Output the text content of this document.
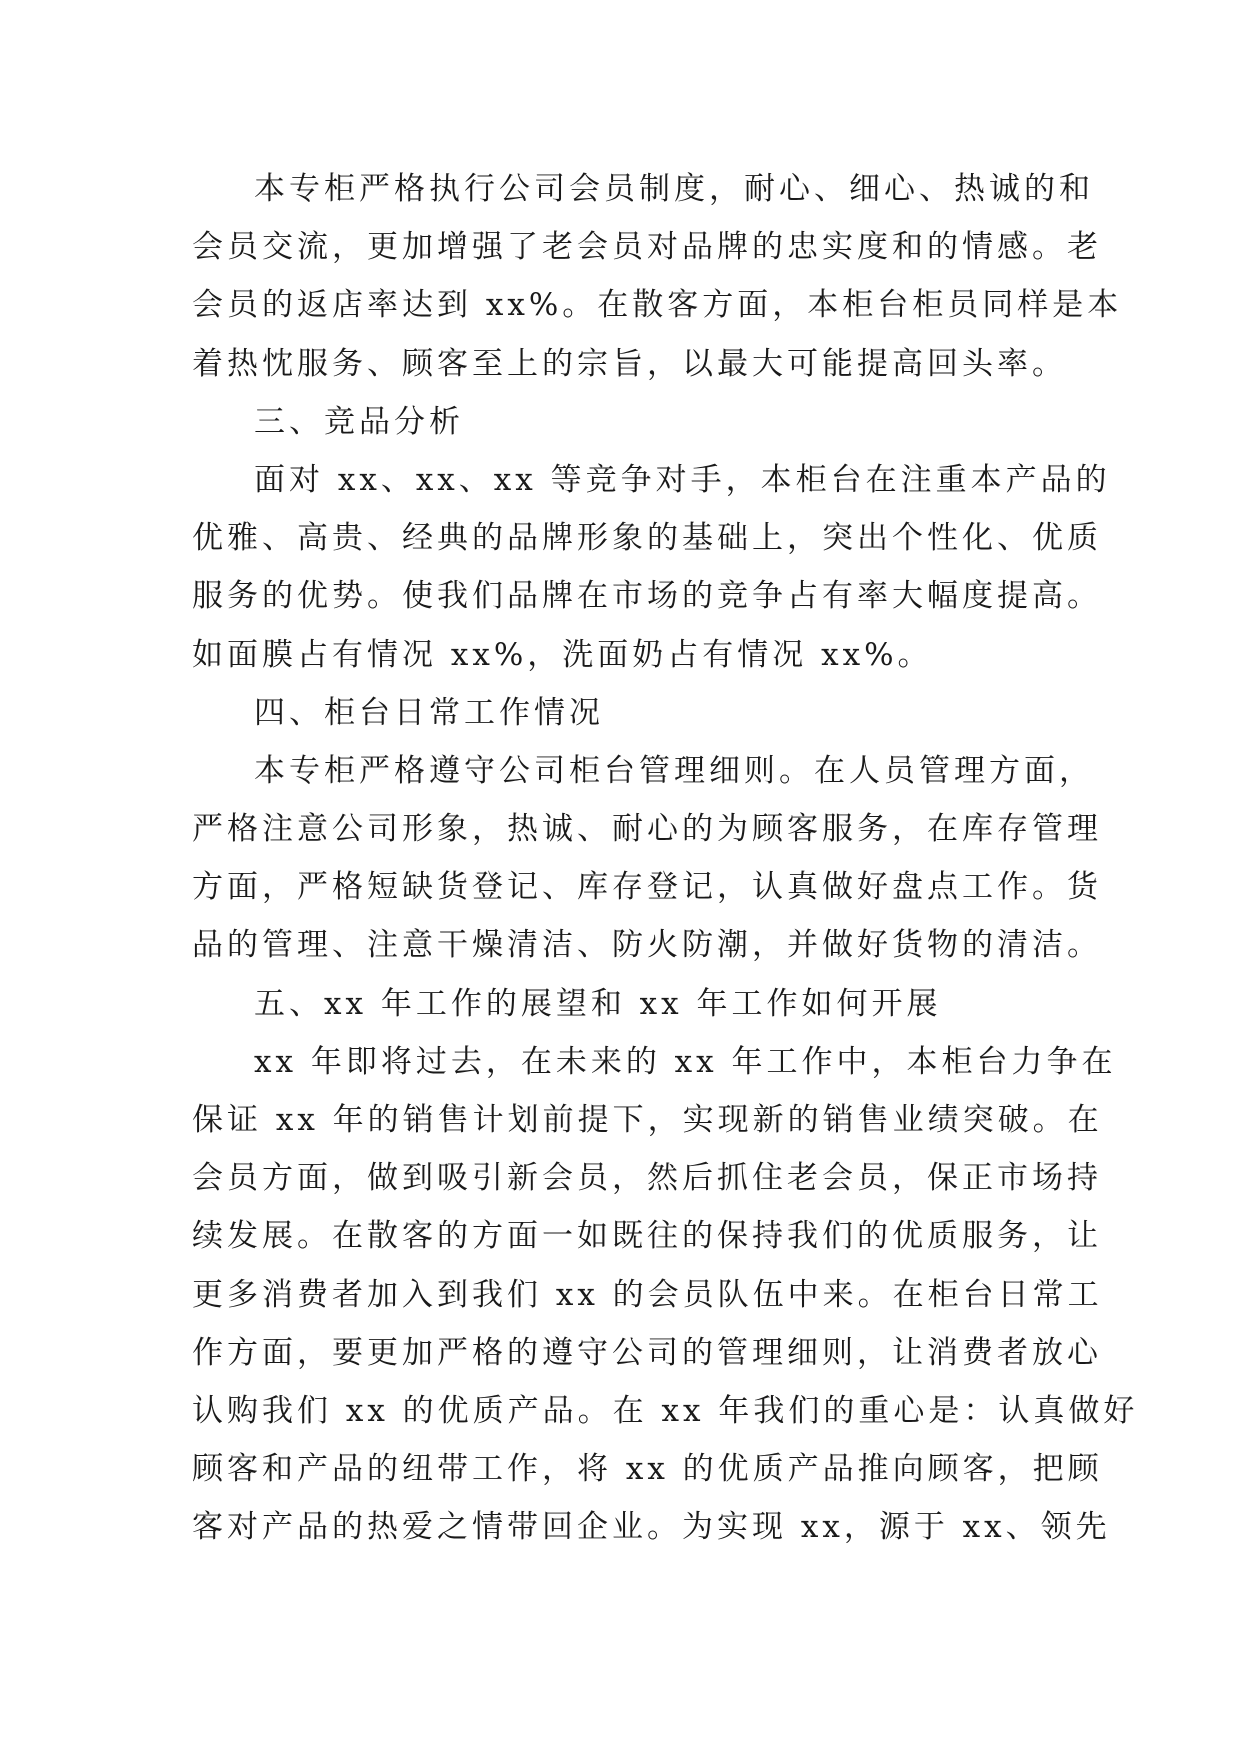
本专柜严格执行公司会员制度，耐心、细心、热诚的和
会员交流，更加增强了老会员对品牌的忠实度和的情感。老
会员的返店率达到 xx%。在散客方面，本柜台柜员同样是本
着热忱服务、顾客至上的宗旨，以最大可能提高回头率。
三、竞品分析
面对 xx、xx、xx 等竞争对手，本柜台在注重本产品的
优雅、高贵、经典的品牌形象的基础上，突出个性化、优质
服务的优势。使我们品牌在市场的竞争占有率大幅度提高。
如面膜占有情况 xx%，洗面奶占有情况 xx%。
四、柜台日常工作情况
本专柜严格遵守公司柜台管理细则。在人员管理方面，
严格注意公司形象，热诚、耐心的为顾客服务，在库存管理
方面，严格短缺货登记、库存登记，认真做好盘点工作。货
品的管理、注意干燥清洁、防火防潮，并做好货物的清洁。
五、xx 年工作的展望和 xx 年工作如何开展
xx 年即将过去，在未来的 xx 年工作中，本柜台力争在
保证 xx 年的销售计划前提下，实现新的销售业绩突破。在
会员方面，做到吸引新会员，然后抓住老会员，保正市场持
续发展。在散客的方面一如既往的保持我们的优质服务，让
更多消费者加入到我们 xx 的会员队伍中来。在柜台日常工
作方面，要更加严格的遵守公司的管理细则，让消费者放心
认购我们 xx 的优质产品。在 xx 年我们的重心是：认真做好
顾客和产品的纽带工作，将 xx 的优质产品推向顾客，把顾
客对产品的热爱之情带回企业。为实现 xx，源于 xx、领先
